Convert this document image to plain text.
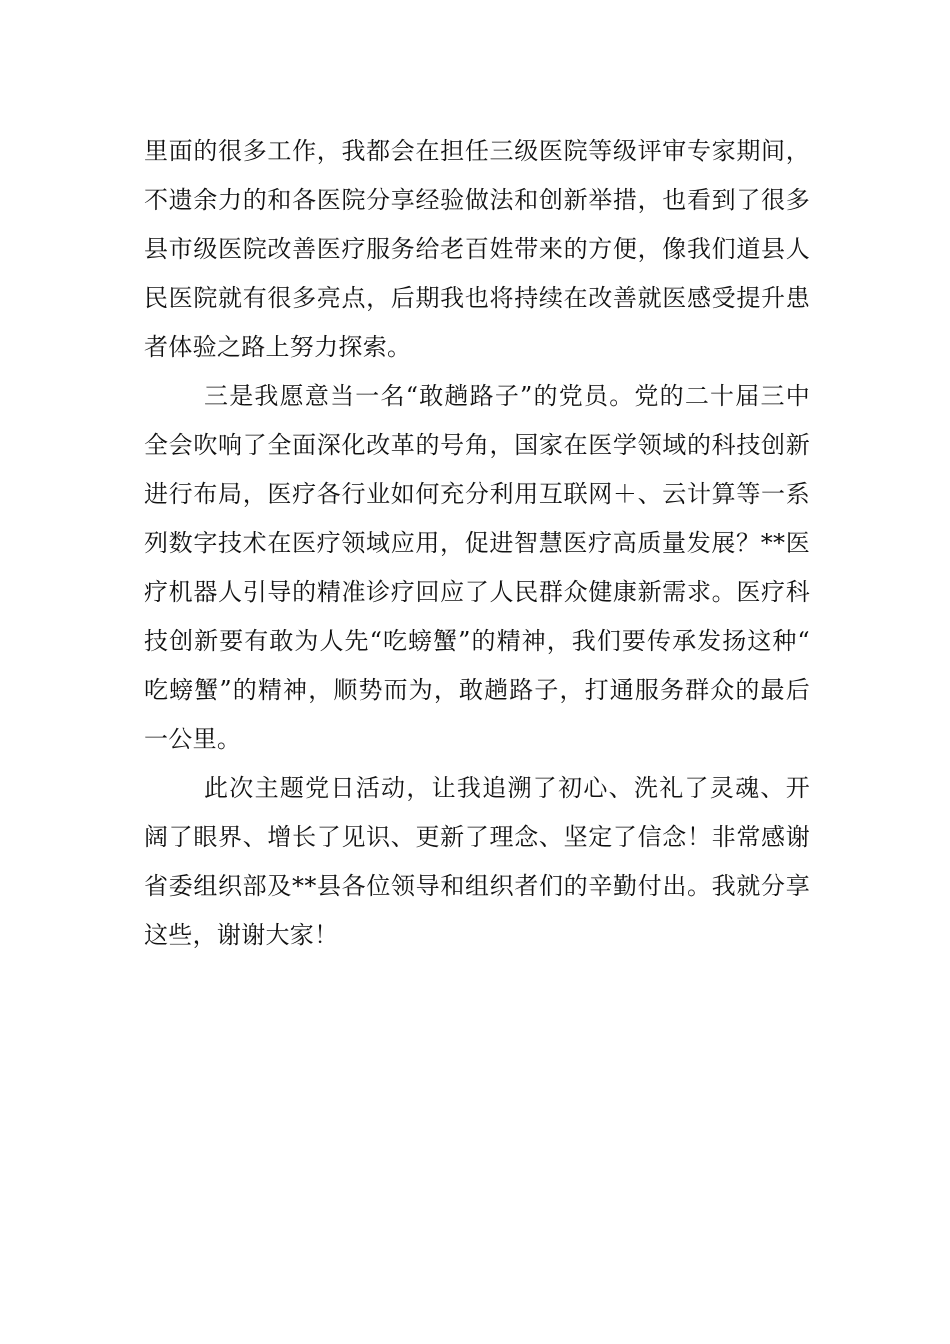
里面的很多工作，我都会在担任三级医院等级评审专家期间，不遗余力的和各医院分享经验做法和创新举措，也看到了很多县市级医院改善医疗服务给老百姓带来的方便，像我们道县人民医院就有很多亮点，后期我也将持续在改善就医感受提升患者体验之路上努力探索。

三是我愿意当一名“敢趟路子”的党员。党的二十届三中全会吹响了全面深化改革的号角，国家在医学领域的科技创新进行布局，医疗各行业如何充分利用互联网＋、云计算等一系列数字技术在医疗领域应用，促进智慧医疗高质量发展？**医疗机器人引导的精准诊疗回应了人民群众健康新需求。医疗科技创新要有敢为人先“吃螃蟹”的精神，我们要传承发扬这种“吃螃蟹”的精神，顺势而为，敢趟路子，打通服务群众的最后一公里。

此次主题党日活动，让我追溯了初心、洗礼了灵魂、开阔了眼界、增长了见识、更新了理念、坚定了信念！非常感谢省委组织部及**县各位领导和组织者们的辛勤付出。我就分享这些，谢谢大家！
